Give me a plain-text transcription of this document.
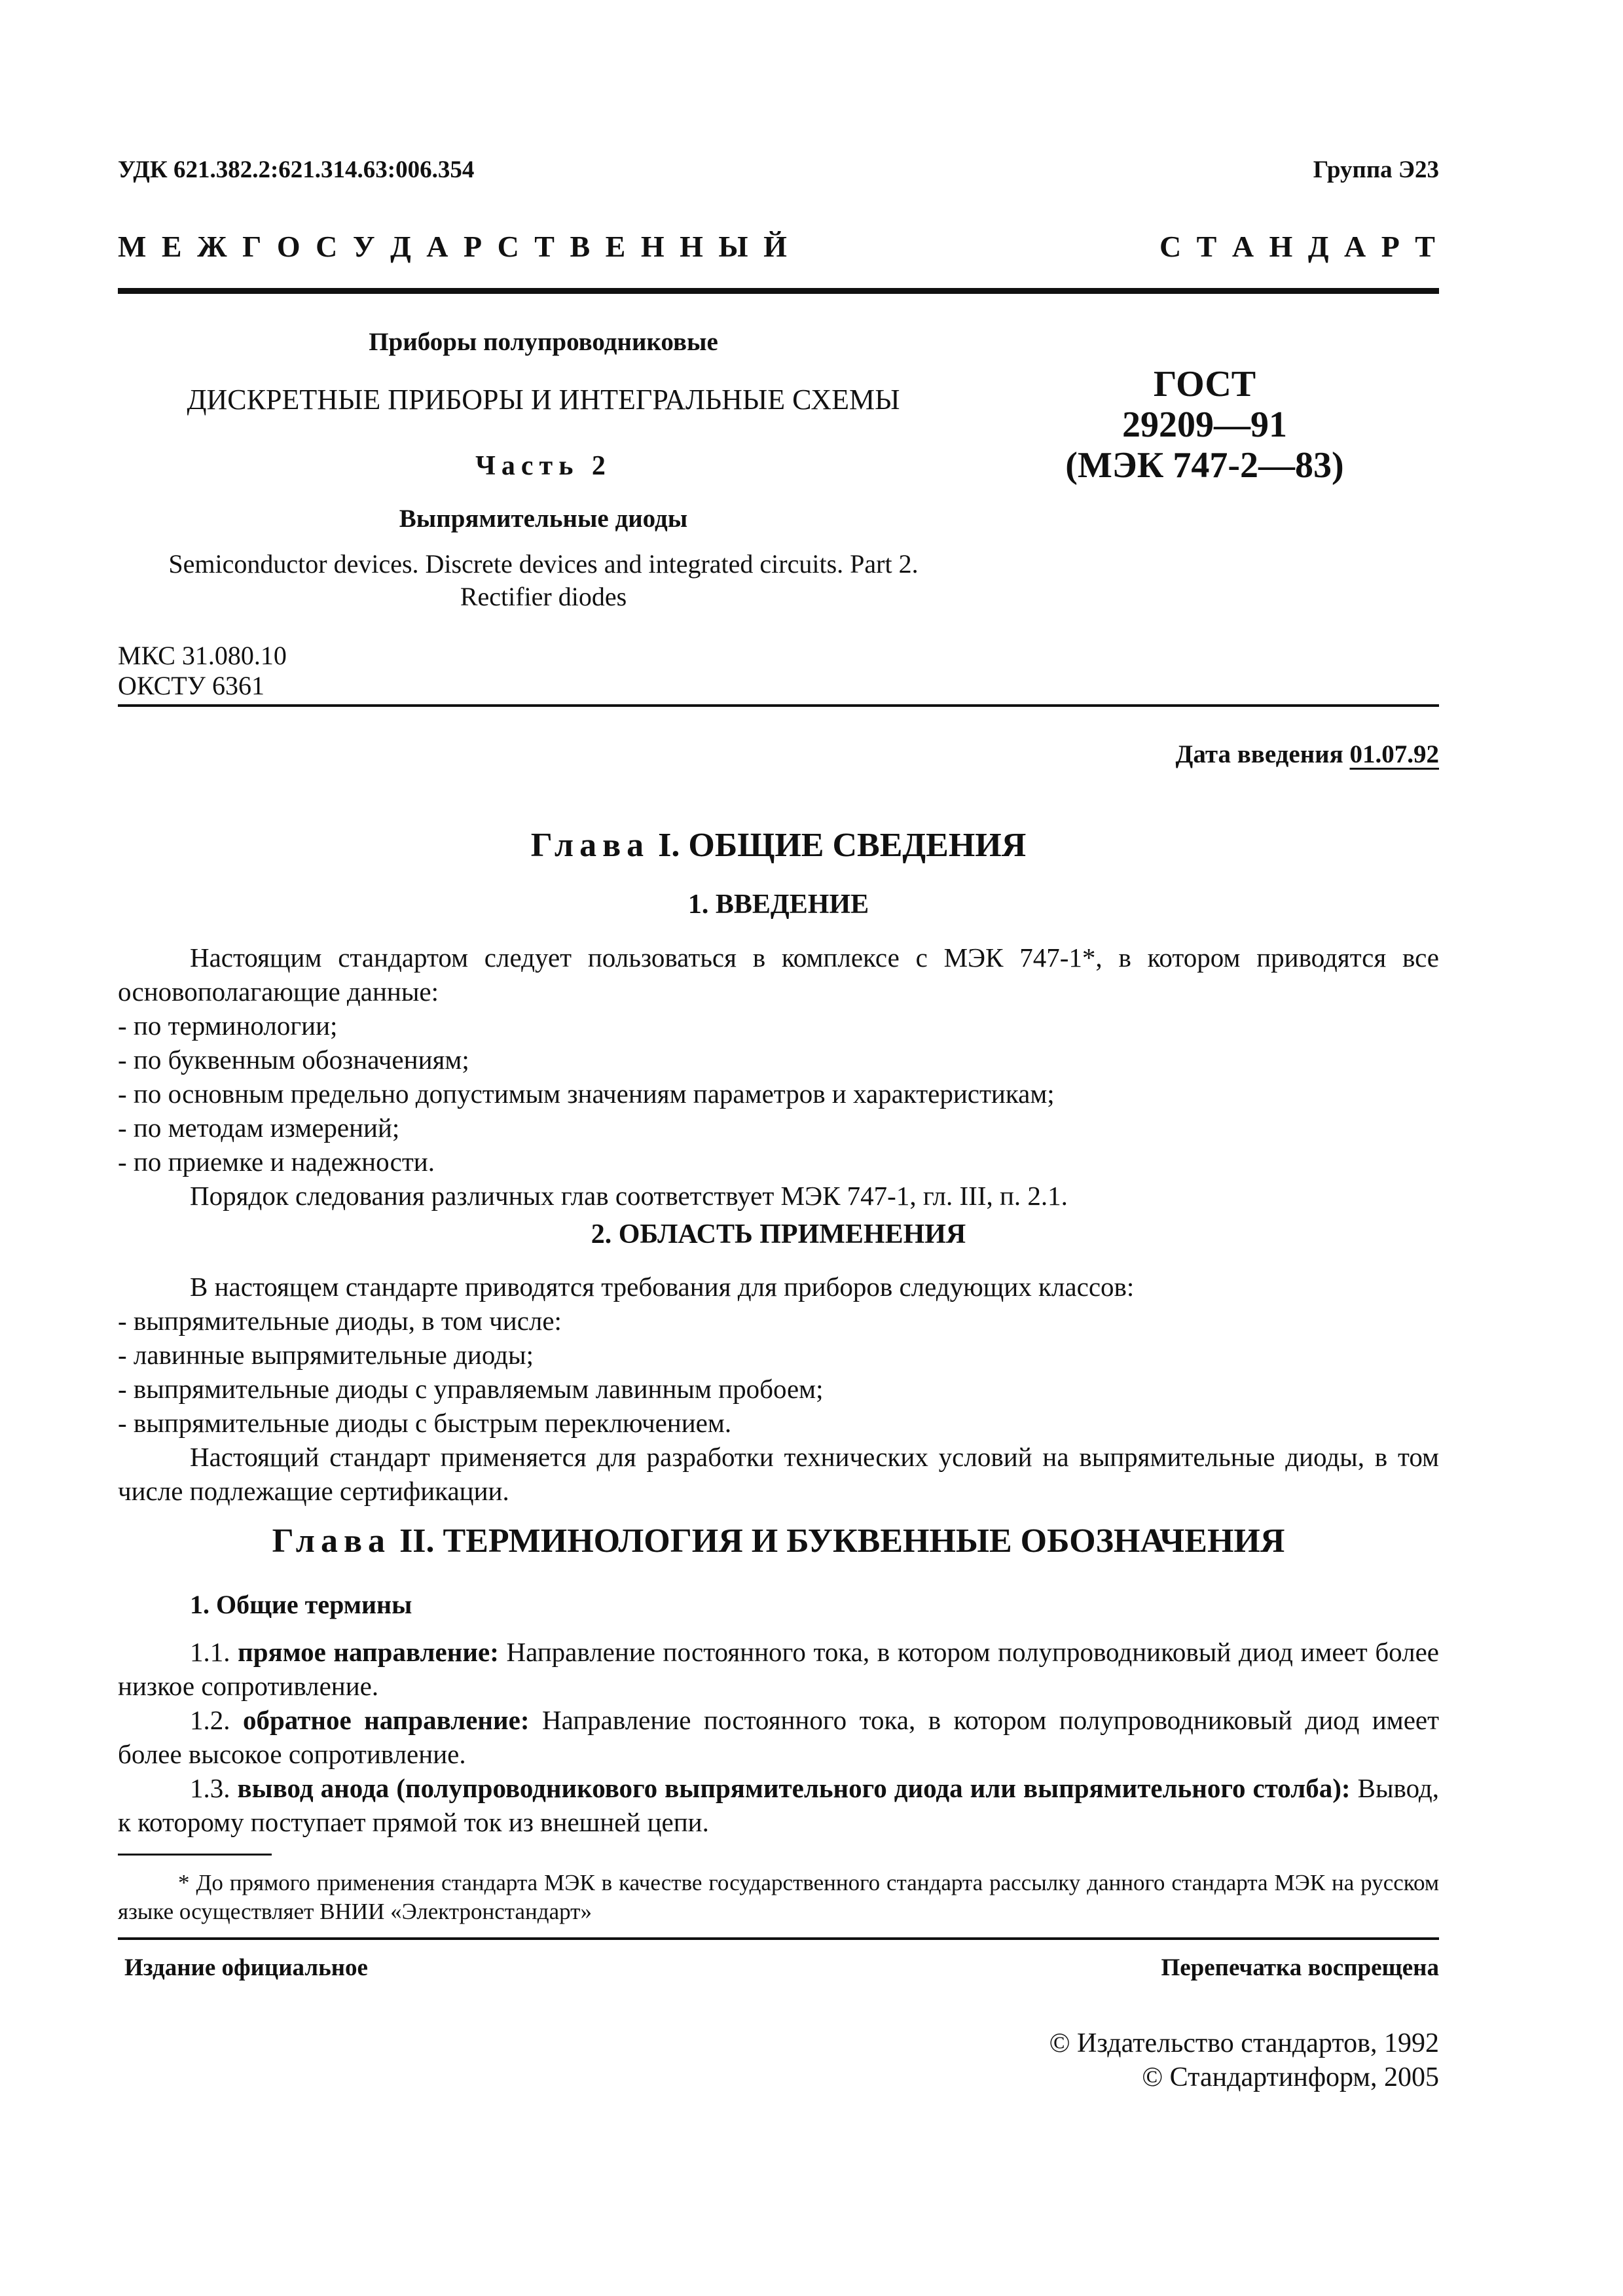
УДК 621.382.2:621.314.63:006.354	Группа Э23
М Е Ж Г О С У Д А Р С Т В Е Н Н Ы Й	С Т А Н Д А Р Т
Приборы полупроводниковые
ДИСКРЕТНЫЕ ПРИБОРЫ И ИНТЕГРАЛЬНЫЕ СХЕМЫ
Часть 2
Выпрямительные диоды
Semiconductor devices. Discrete devices and integrated circuits. Part 2.
Rectifier diodes
ГОСТ
29209—91
(МЭК 747-2—83)
МКС 31.080.10
ОКСТУ 6361
Дата введения 01.07.92
Глава I. ОБЩИЕ СВЕДЕНИЯ
1. ВВЕДЕНИЕ

Настоящим стандартом следует пользоваться в комплексе с МЭК 747-1*, в котором приводятся все основополагающие данные:

- по терминологии;

- по буквенным обозначениям;

- по основным предельно допустимым значениям параметров и характеристикам;

- по методам измерений;

- по приемке и надежности.

Порядок следования различных глав соответствует МЭК 747-1, гл. III, п. 2.1.

2. ОБЛАСТЬ ПРИМЕНЕНИЯ

В настоящем стандарте приводятся требования для приборов следующих классов:

- выпрямительные диоды, в том числе:

- лавинные выпрямительные диоды;

- выпрямительные диоды с управляемым лавинным пробоем;

- выпрямительные диоды с быстрым переключением.

Настоящий стандарт применяется для разработки технических условий на выпрямительные диоды, в том числе подлежащие сертификации.

Глава II. ТЕРМИНОЛОГИЯ И БУКВЕННЫЕ ОБОЗНАЧЕНИЯ
1. Общие термины

1.1. прямое направление: Направление постоянного тока, в котором полупроводниковый диод имеет более низкое сопротивление.

1.2. обратное направление: Направление постоянного тока, в котором полупроводниковый диод имеет более высокое сопротивление.

1.3. вывод анода (полупроводникового выпрямительного диода или выпрямительного столба): Вывод, к которому поступает прямой ток из внешней цепи.

* До прямого применения стандарта МЭК в качестве государственного стандарта рассылку данного стандарта МЭК на русском языке осуществляет ВНИИ «Электронстандарт»
Издание официальное	Перепечатка воспрещена
© Издательство стандартов, 1992
© Стандартинформ, 2005
